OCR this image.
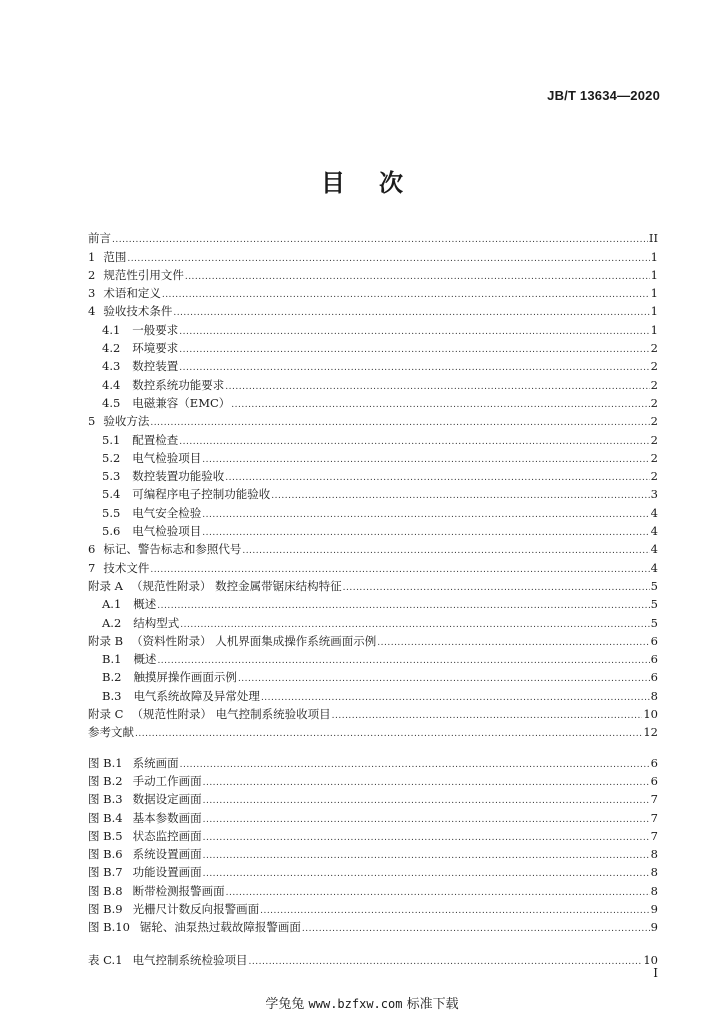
JB/T 13634—2020
目次
前言 .....	II
1 范围 .....	1
2 规范性引用文件 .....	1
3 术语和定义 .....	1
4 验收技术条件 .....	1
4.1 一般要求 .....	1
4.2 环境要求 .....	2
4.3 数控装置 .....	2
4.4 数控系统功能要求 .....	2
4.5 电磁兼容（EMC） .....	2
5 验收方法 .....	2
5.1 配置检查 .....	2
5.2 电气检验项目 .....	2
5.3 数控装置功能验收 .....	2
5.4 可编程序电子控制功能验收 .....	3
5.5 电气安全检验 .....	4
5.6 电气检验项目 .....	4
6 标记、警告标志和参照代号 .....	4
7 技术文件 .....	4
附录 A （规范性附录） 数控金属带锯床结构特征 .....	5
A.1 概述 .....	5
A.2 结构型式 .....	5
附录 B （资料性附录） 人机界面集成操作系统画面示例 .....	6
B.1 概述 .....	6
B.2 触摸屏操作画面示例 .....	6
B.3 电气系统故障及异常处理 .....	8
附录 C （规范性附录） 电气控制系统验收项目 .....	10
参考文献 .....	12
图 B.1 系统画面 .....	6
图 B.2 手动工作画面 .....	6
图 B.3 数据设定画面 .....	7
图 B.4 基本参数画面 .....	7
图 B.5 状态监控画面 .....	7
图 B.6 系统设置画面 .....	8
图 B.7 功能设置画面 .....	8
图 B.8 断带检测报警画面 .....	8
图 B.9 光栅尺计数反向报警画面 .....	9
图 B.10 锯轮、油泵热过载故障报警画面 .....	9
表 C.1 电气控制系统检验项目 .....	10
I
学兔兔 www.bzfxw.com 标准下载
